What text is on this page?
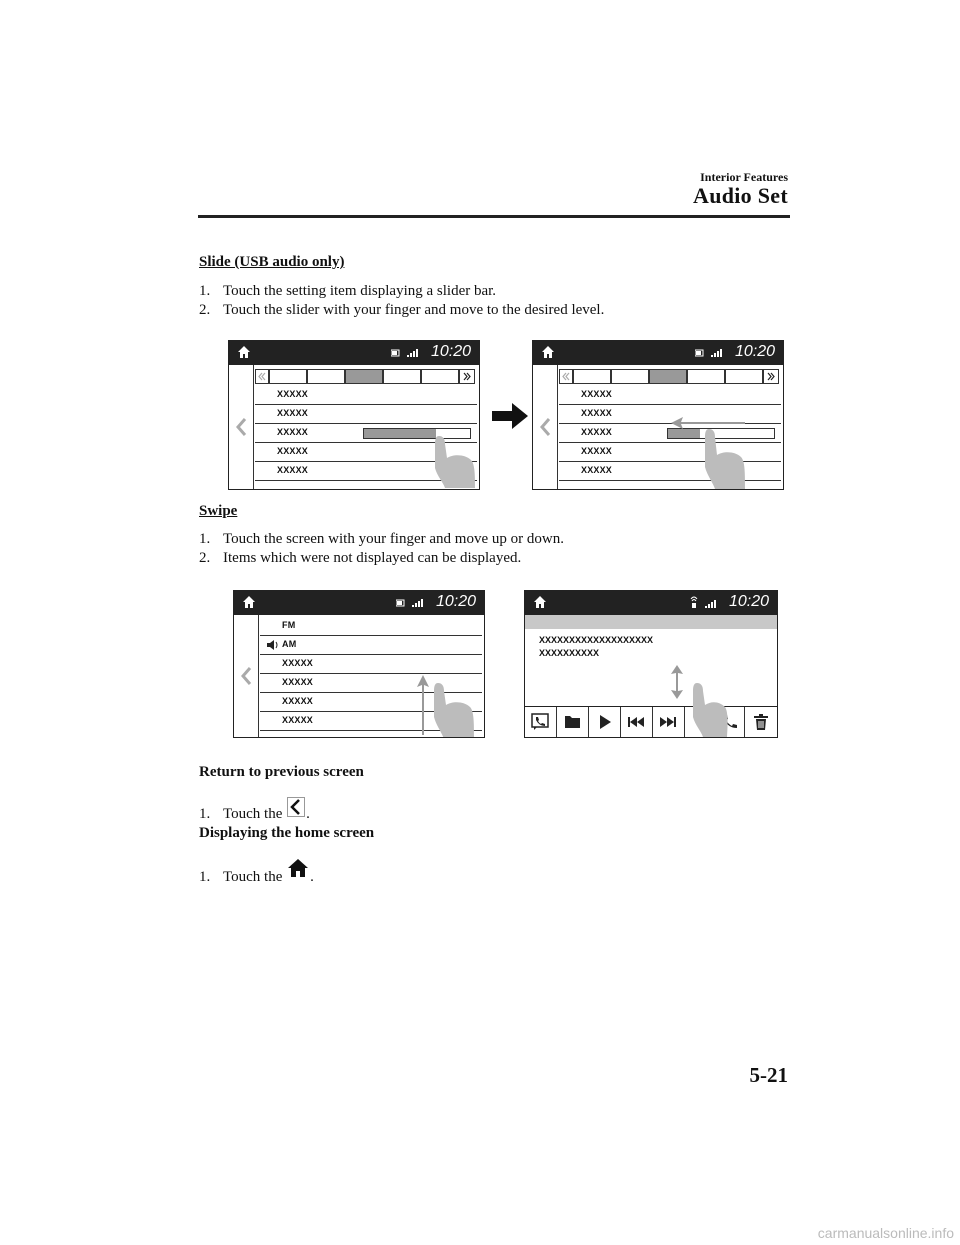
Interior Features
Audio Set
Slide (USB audio only)
1. Touch the setting item displaying a slider bar.
2. Touch the slider with your finger and move to the desired level.
10:20
XXXXX
XXXXX
XXXXX
XXXXX
XXXXX
10:20
XXXXX
XXXXX
XXXXX
XXXXX
XXXXX
Swipe
1. Touch the screen with your finger and move up or down.
2. Items which were not displayed can be displayed.
10:20
FM
AM
XXXXX
XXXXX
XXXXX
XXXXX
10:20
XXXXXXXXXXXXXXXXXXX
XXXXXXXXXX
Return to previous screen
1. Touch the .
Displaying the home screen
1. Touch the .
5-21
carmanualsonline.info
